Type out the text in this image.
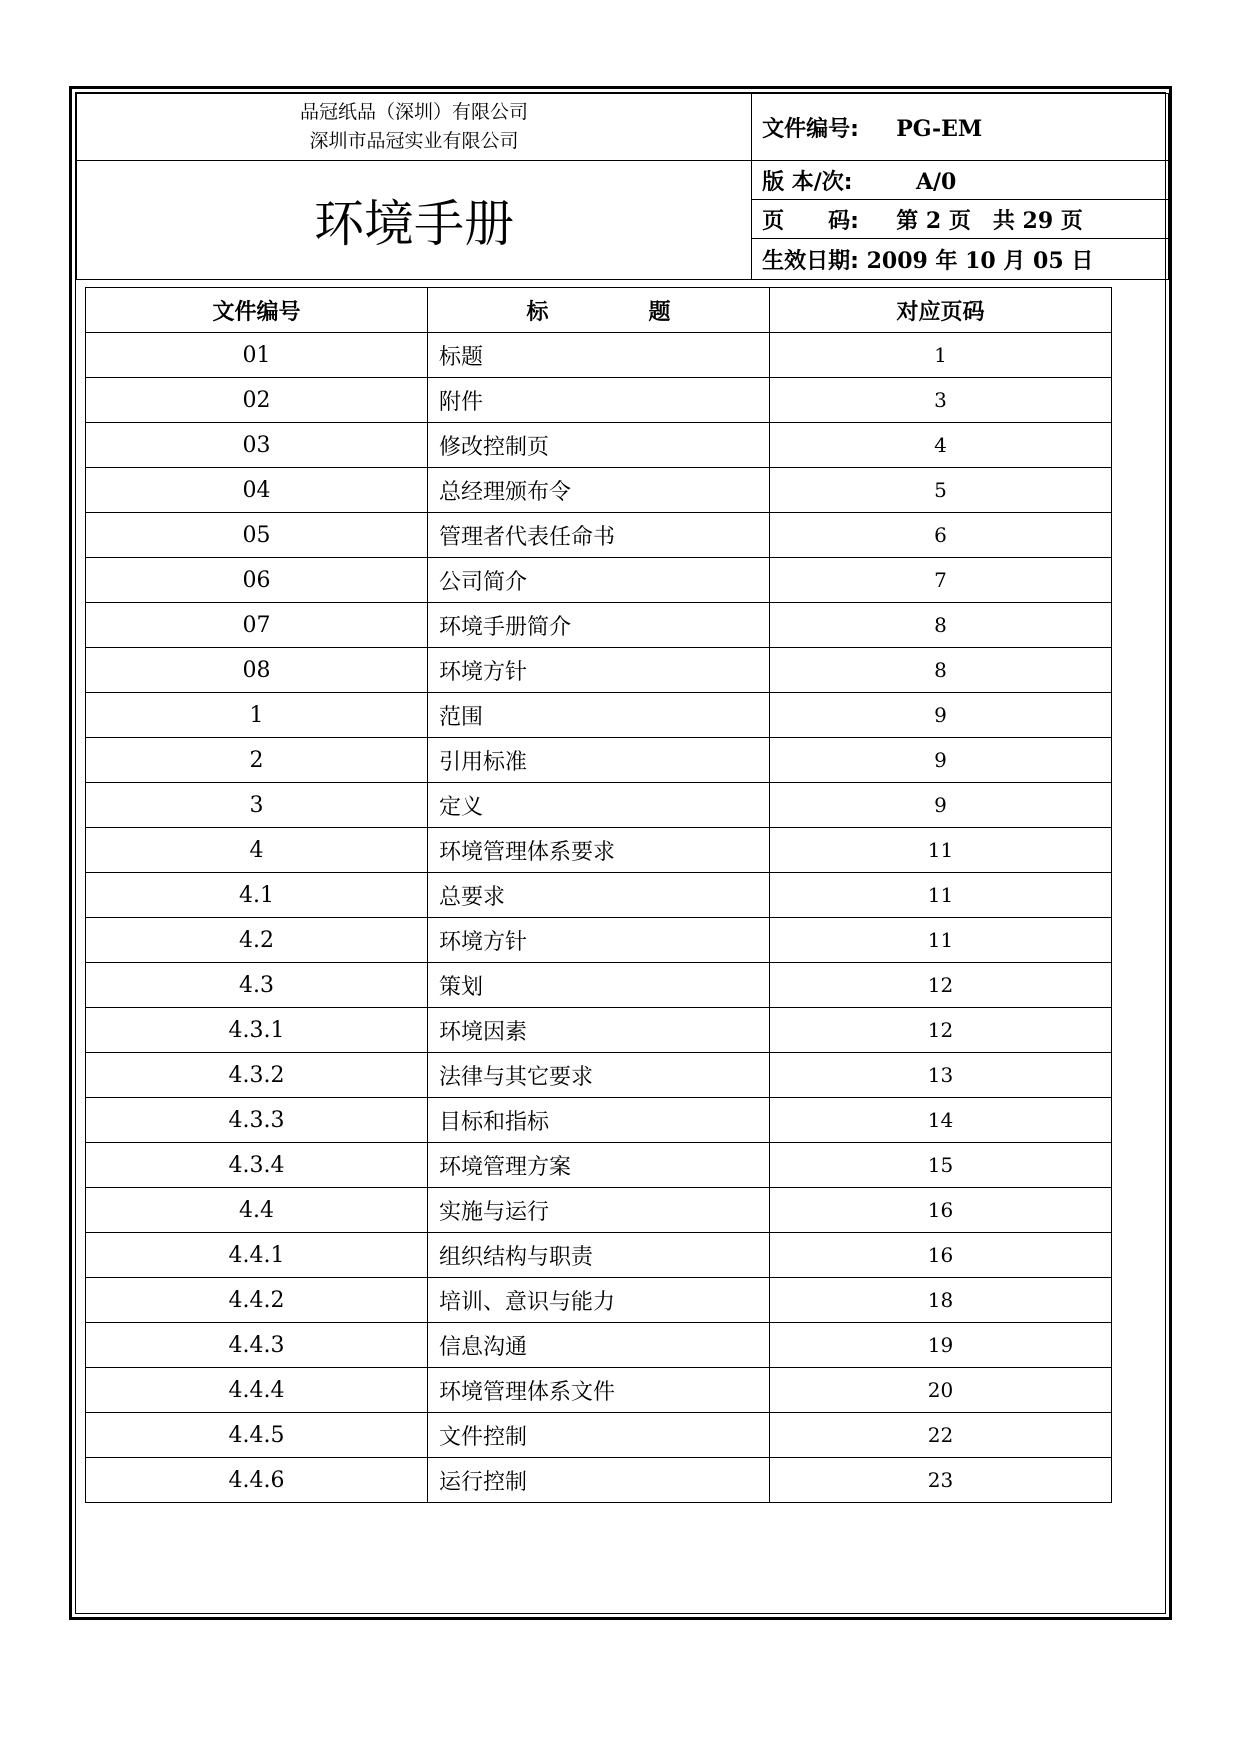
品冠纸品（深圳）有限公司
深圳市品冠实业有限公司	文件编号: PG-EM
环境手册	版 本/次: A/0
	页　　码: 第 2 页　共 29 页
	生效日期: 2009 年 10 月 05 日
文件编号	标 题	对应页码
01	标题	1
02	附件	3
03	修改控制页	4
04	总经理颁布令	5
05	管理者代表任命书	6
06	公司简介	7
07	环境手册简介	8
08	环境方针	8
1	范围	9
2	引用标准	9
3	定义	9
4	环境管理体系要求	11
4.1	总要求	11
4.2	环境方针	11
4.3	策划	12
4.3.1	环境因素	12
4.3.2	法律与其它要求	13
4.3.3	目标和指标	14
4.3.4	环境管理方案	15
4.4	实施与运行	16
4.4.1	组织结构与职责	16
4.4.2	培训、意识与能力	18
4.4.3	信息沟通	19
4.4.4	环境管理体系文件	20
4.4.5	文件控制	22
4.4.6	运行控制	23
